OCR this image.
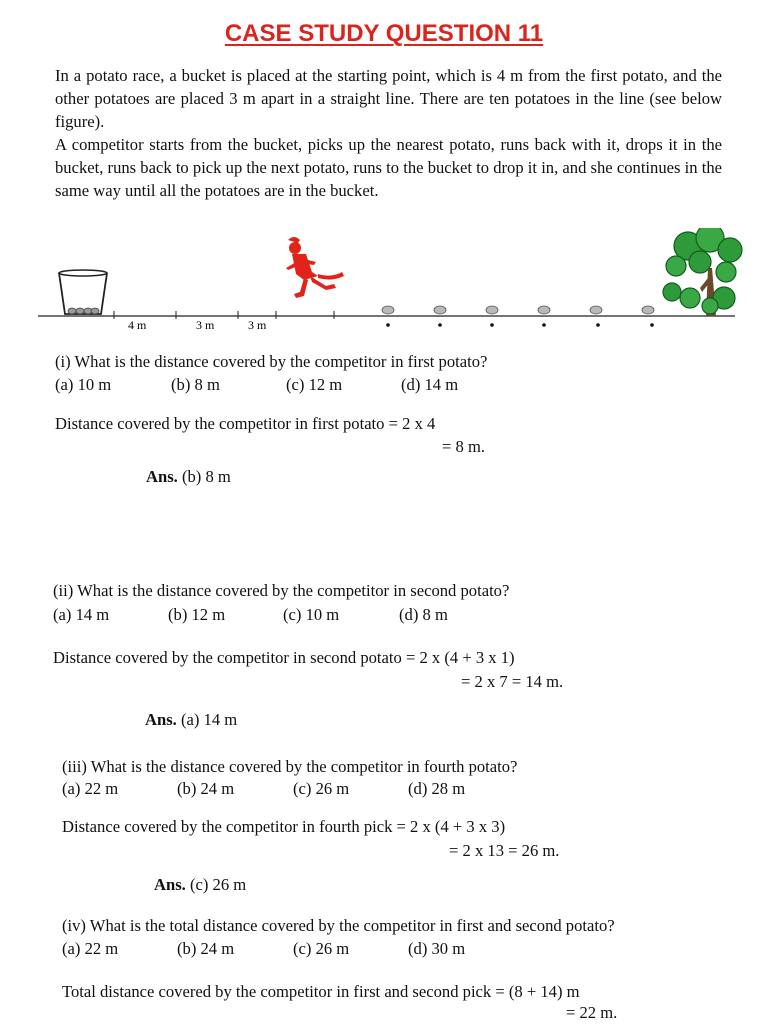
CASE STUDY QUESTION 11

In a potato race, a bucket is placed at the starting point, which is 4 m from the first potato, and the other potatoes are placed 3 m apart in a straight line. There are ten potatoes in the line (see below figure).

A competitor starts from the bucket, picks up the nearest potato, runs back with it, drops it in the bucket, runs back to pick up the next potato, runs to the bucket to drop it in, and she continues in the same way until all the potatoes are in the bucket.

4 m	3 m	3 m
(i) What is the distance covered by the competitor in first potato?
(a) 10 m	(b) 8 m	(c) 12 m	(d) 14 m
Distance covered by the competitor in first potato = 2 x 4
= 8 m.
Ans. (b) 8 m
(ii) What is the distance covered by the competitor in second potato?
(a) 14 m	(b) 12 m	(c) 10 m	(d) 8 m
Distance covered by the competitor in second potato = 2 x (4 + 3 x 1)
= 2 x 7 = 14 m.
Ans. (a) 14 m
(iii) What is the distance covered by the competitor in fourth potato?
(a) 22 m	(b) 24 m	(c) 26 m	(d) 28 m
Distance covered by the competitor in fourth pick = 2 x (4 + 3 x 3)
= 2 x 13 = 26 m.
Ans. (c) 26 m
(iv) What is the total distance covered by the competitor in first and second potato?
(a) 22 m	(b) 24 m	(c) 26 m	(d) 30 m
Total distance covered by the competitor in first and second pick = (8 + 14) m
= 22 m.
